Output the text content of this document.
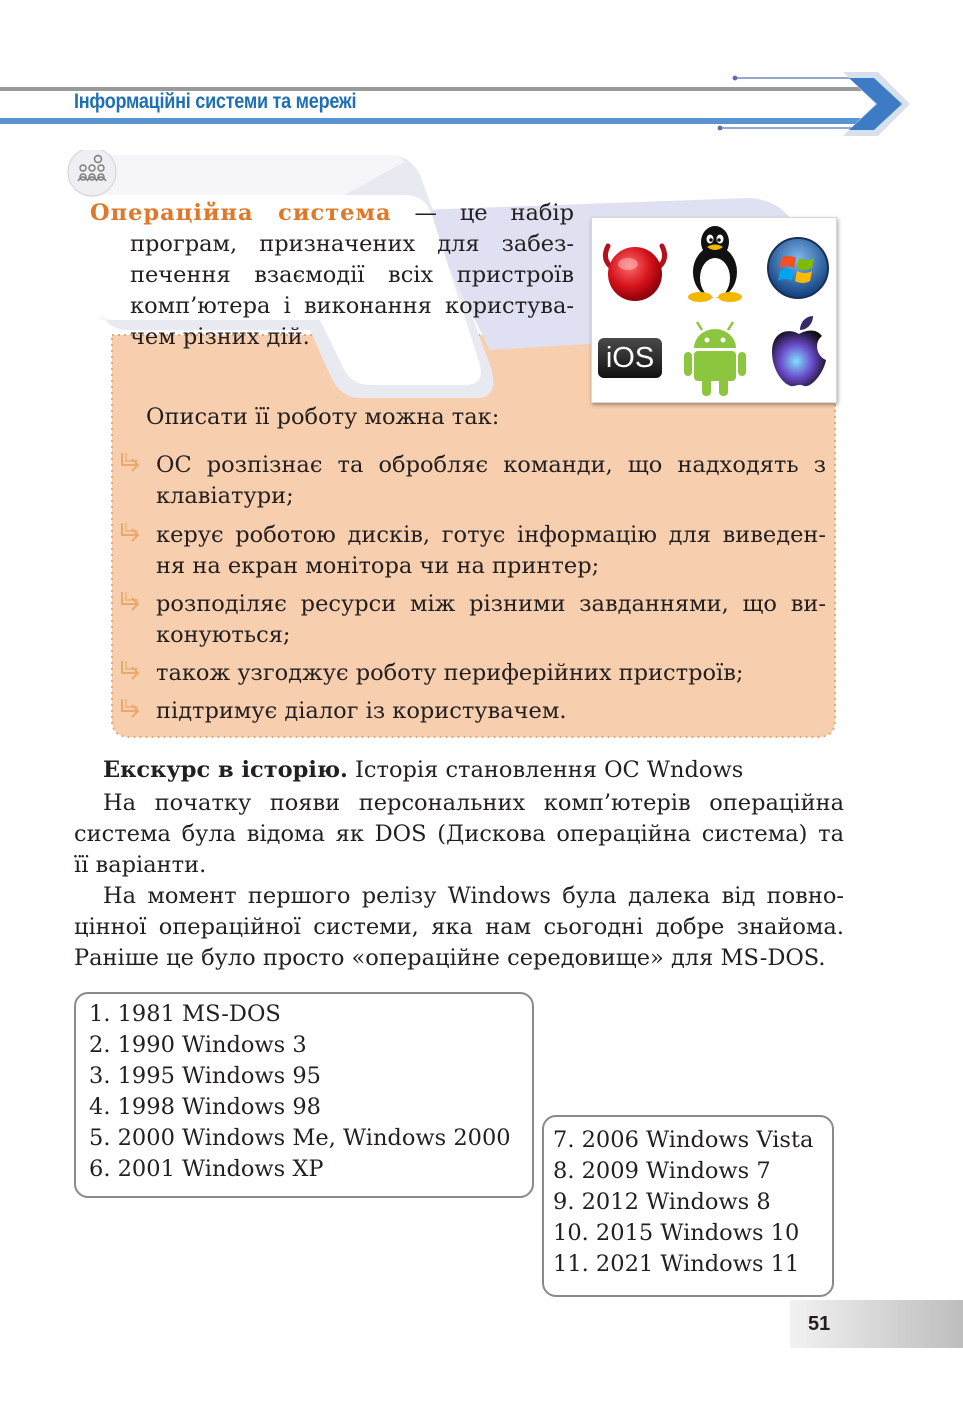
Інформаційні системи та мережі
Операційна система — це набір
програм, призначених для забез-
печення взаємодії всіх пристроїв
комп’ютера і виконання користува-
чем різних дій.
iOS
Описати її роботу можна так:
ОС розпізнає та обробляє команди, що надходять з
клавіатури;
керує роботою дисків, готує інформацію для виведен-
ня на екран монітора чи на принтер;
розподіляє ресурси між різними завданнями, що ви-
конуються;
також узгоджує роботу периферійних пристроїв;
підтримує діалог із користувачем.
Екскурс в історію. Історія становлення ОС Wndows
На початку появи персональних комп’ютерів операційна
система була відома як DOS (Дискова операційна система) та
її варіанти.
На момент першого релізу Windows була далека від повно-
цінної операційної системи, яка нам сьогодні добре знайома.
Раніше це було просто «операційне середовище» для MS-DOS.
1. 1981 MS-DOS
2. 1990 Windows 3
3. 1995 Windows 95
4. 1998 Windows 98
5. 2000 Windows Me, Windows 2000
6. 2001 Windows XP
7. 2006 Windows Vista
8. 2009 Windows 7
9. 2012 Windows 8
10. 2015 Windows 10
11. 2021 Windows 11
51
